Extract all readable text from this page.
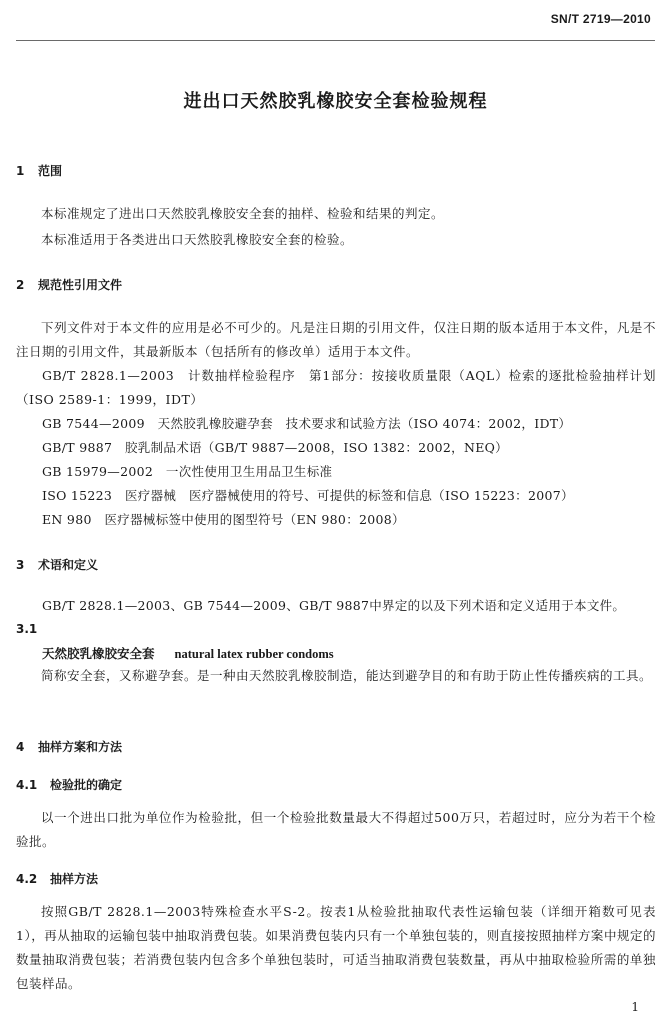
SN/T 2719—2010
进出口天然胶乳橡胶安全套检验规程
1 范围
本标准规定了进出口天然胶乳橡胶安全套的抽样、检验和结果的判定。
本标准适用于各类进出口天然胶乳橡胶安全套的检验。
2 规范性引用文件
下列文件对于本文件的应用是必不可少的。凡是注日期的引用文件，仅注日期的版本适用于本文件，凡是不注日期的引用文件，其最新版本（包括所有的修改单）适用于本文件。
GB/T 2828.1—2003　计数抽样检验程序　第1部分：按接收质量限（AQL）检索的逐批检验抽样计划（ISO 2589-1：1999，IDT）
GB 7544—2009　天然胶乳橡胶避孕套　技术要求和试验方法（ISO 4074：2002，IDT）
GB/T 9887　胶乳制品术语（GB/T 9887—2008，ISO 1382：2002，NEQ）
GB 15979—2002　一次性使用卫生用品卫生标准
ISO 15223　医疗器械　医疗器械使用的符号、可提供的标签和信息（ISO 15223：2007）
EN 980　医疗器械标签中使用的图型符号（EN 980：2008）
3 术语和定义
GB/T 2828.1—2003、GB 7544—2009、GB/T 9887中界定的以及下列术语和定义适用于本文件。
3.1
天然胶乳橡胶安全套 natural latex rubber condoms
简称安全套，又称避孕套。是一种由天然胶乳橡胶制造，能达到避孕目的和有助于防止性传播疾病的工具。
4 抽样方案和方法
4.1 检验批的确定
以一个进出口批为单位作为检验批，但一个检验批数量最大不得超过500万只，若超过时，应分为若干个检验批。
4.2 抽样方法
按照GB/T 2828.1—2003特殊检查水平S-2。按表1从检验批抽取代表性运输包装（详细开箱数可见表1），再从抽取的运输包装中抽取消费包装。如果消费包装内只有一个单独包装的，则直接按照抽样方案中规定的数量抽取消费包装；若消费包装内包含多个单独包装时，可适当抽取消费包装数量，再从中抽取检验所需的单独包装样品。
1
